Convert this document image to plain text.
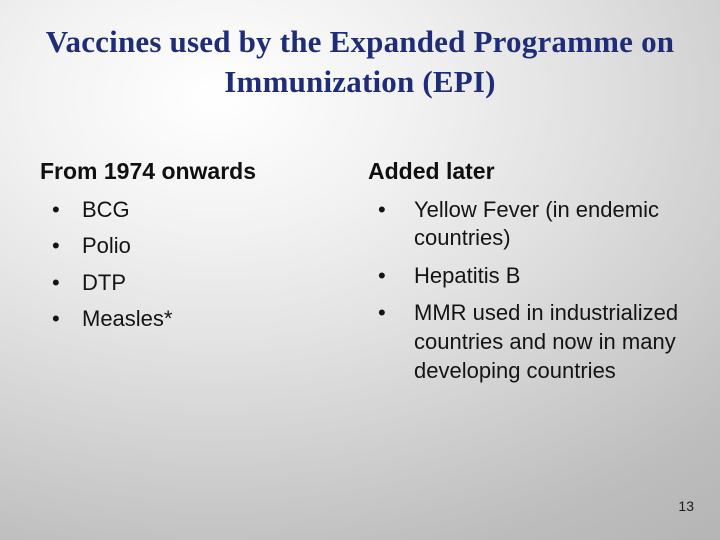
Vaccines used by the Expanded Programme on Immunization (EPI)
From 1974 onwards
• BCG
• Polio
• DTP
• Measles*
Added later
• Yellow Fever (in endemic countries)
• Hepatitis B
• MMR used in industrialized countries and now in many developing countries
13
